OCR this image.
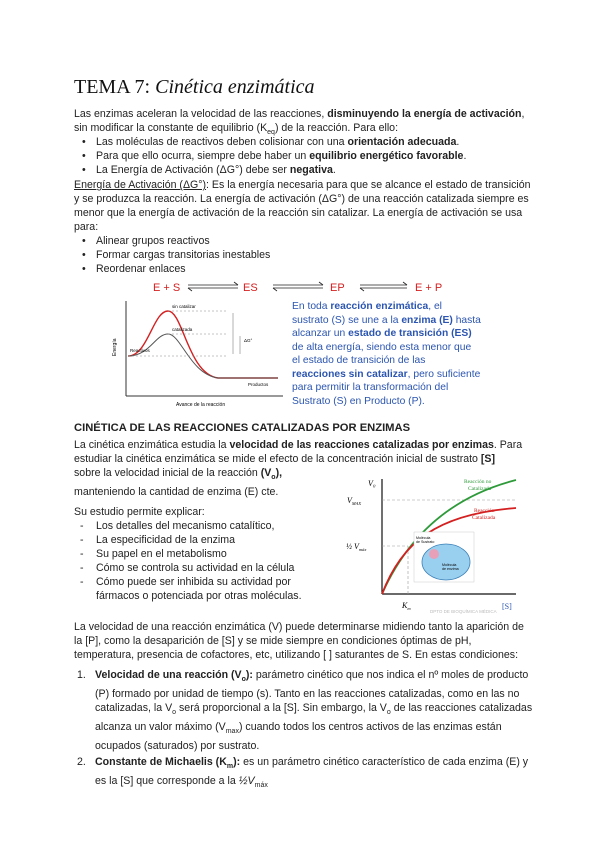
TEMA 7: Cinética enzimática
Las enzimas aceleran la velocidad de las reacciones, disminuyendo la energía de activación,
sin modificar la constante de equilibrio $(K_{eq})$ de la reacción. Para ello:
• Las moléculas de reactivos deben colisionar con una orientación adecuada.
• Para que ello ocurra, siempre debe haber un equilibrio energético favorable.
• La Energía de Activación (ΔG°) debe ser negativa.
Energía de Activación (ΔG°): Es la energía necesaria para que se alcance el estado de transición
y se produzca la reacción. La energía de activación (ΔG°) de una reacción catalizada siempre es
menor que la energía de activación de la reacción sin catalizar. La energía de activación se usa
para:
• Alinear grupos reactivos
• Formar cargas transitorias inestables
• Reordenar enlaces
E + S	ES	EP	E + P
Energía
Avance de la reacción
sin catalizar
catalizada
ΔG°
Reactivos
Productos
En toda reacción enzimática, el
sustrato (S) se une a la enzima (E) hasta
alcanzar un estado de transición (ES)
de alta energía, siendo esta menor que
el estado de transición de las
reacciones sin catalizar, pero suficiente
para permitir la transformación del
Sustrato (S) en Producto (P).
CINÉTICA DE LAS REACCIONES CATALIZADAS POR ENZIMAS
La cinética enzimática estudia la velocidad de las reacciones catalizadas por enzimas. Para
estudiar la cinética enzimática se mide el efecto de la concentración inicial de sustrato [S]
sobre la velocidad inicial de la reacción $(V_o)$,
manteniendo la cantidad de enzima (E) cte.
Su estudio permite explicar:
- Los detalles del mecanismo catalítico,
- La especificidad de la enzima
- Su papel en el metabolismo
- Cómo se controla su actividad en la célula
- Cómo puede ser inhibida su actividad por
fármacos o potenciada por otras moléculas.
V₀
$V_{MAX}$
½ $V_{máx}$
$K_m$	[S]
Reacción no
Catalizada
Reacción
Catalizada
Molécula
de Sustrato
Molécula
de enzima
DPTO DE BIOQUÍMICA MÉDICA
La velocidad de una reacción enzimática (V) puede determinarse midiendo tanto la aparición de
la [P], como la desaparición de [S] y se mide siempre en condiciones óptimas de pH,
temperatura, presencia de cofactores, etc, utilizando [ ] saturantes de S. En estas condiciones:
1. Velocidad de una reacción $(V_o)$: parámetro cinético que nos indica el nº moles de producto
(P) formado por unidad de tiempo (s). Tanto en las reacciones catalizadas, como en las no
catalizadas, la $V_o$ será proporcional a la [S]. Sin embargo, la $V_o$ de las reacciones catalizadas
alcanza un valor máximo $(V_{max})$ cuando todos los centros activos de las enzimas están
ocupados (saturados) por sustrato.
2. Constante de Michaelis $(K_m)$: es un parámetro cinético característico de cada enzima (E) y
es la [S] que corresponde a la $\frac{1}{2}V_{máx}$
